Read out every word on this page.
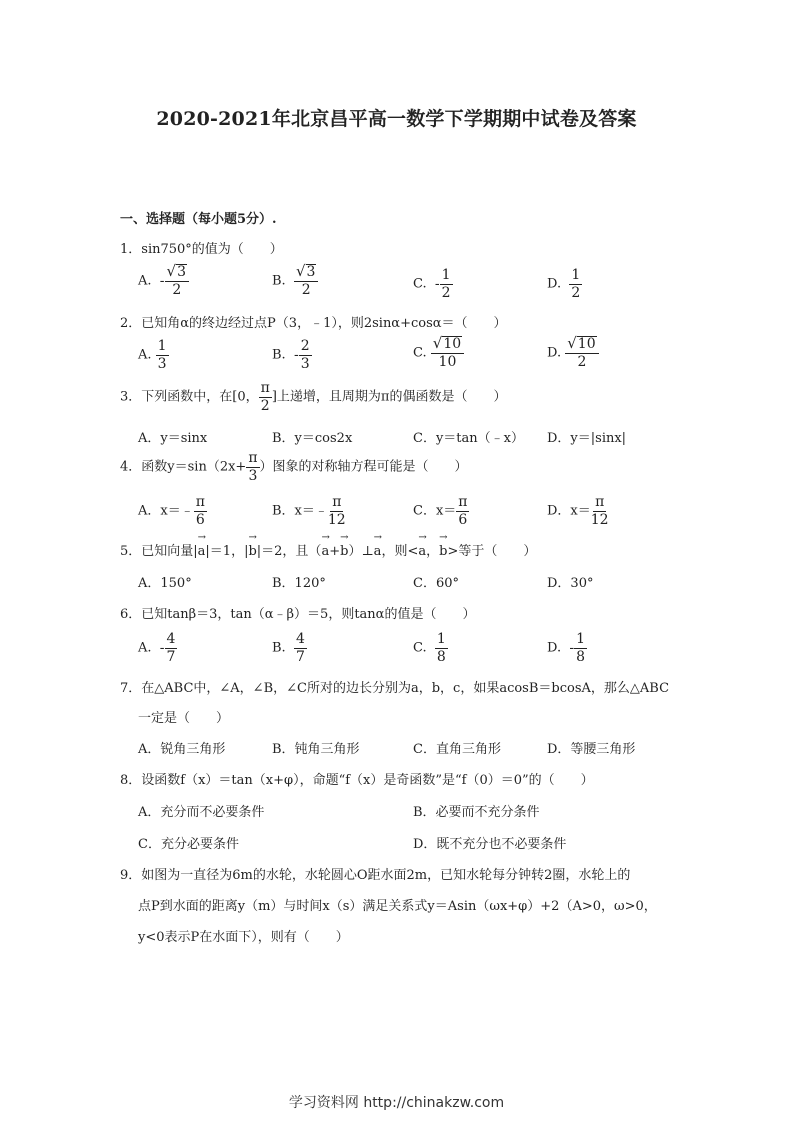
2020-2021年北京昌平高一数学下学期期中试卷及答案
一、选择题（每小题5分）.
1．sin750°的值为（　　）
A. - $\frac{√ 3}{2}$	B. $\frac{√ 3}{2}$	C. - $\frac{1}{2}$	D. $\frac{1}{2}$
2．已知角α的终边经过点P（3，﹣1），则2sinα+cosα＝（　　）
A. $\frac{1}{3}$	B. - $\frac{2}{3}$	C. $\frac{√ 10}{10}$	D. $\frac{√ 10}{2}$
3．下列函数中，在[0， $\frac{\pi}{2}$ ]上递增，且周期为π的偶函数是（　　）
A．y＝sinx	B．y＝cos2x	C．y＝tan（﹣x） D．y＝|sinx|
4．函数$y=\sin(2x+ \frac{\pi}{3}$ ）图象的对称轴方程可能是（　　）
A．x＝﹣ $\frac{\pi}{6}$	B．x＝﹣ $\frac{\pi}{12}$	C．$x= \frac{\pi}{6}$	D．$x= \frac{\pi}{12}$
5．已知向量|→ a|＝1，|→ b|＝2，且（→ a+→ b）⊥→ a，则<→ a，→ b>等于（　　）
A．150°	B．120°	C．60°	D．30°
6．已知tanβ＝3，tan（α﹣β）＝5，则tanα的值是（　　）
A. - $\frac{4}{7}$	B. $\frac{4}{7}$	C. $\frac{1}{8}$	D. - $\frac{1}{8}$
7．在△ABC中，∠A，∠B，∠C所对的边长分别为a，b，c，如果acosB＝bcosA，那么△ABC
一定是（　　）
A．锐角三角形	B．钝角三角形	C．直角三角形	D．等腰三角形
8．设函数f（x）＝tan（x+φ），命题“f（x）是奇函数”是“f（0）＝0”的（　　）
A．充分而不必要条件	B．必要而不充分条件
C．充分必要条件	D．既不充分也不必要条件
9．如图为一直径为6m的水轮，水轮圆心O距水面2m，已知水轮每分钟转2圈，水轮上的
点P到水面的距离y（m）与时间x（s）满足关系式y＝Asin（ωx+φ）+2（A>0，ω>0，
y<0表示P在水面下），则有（　　）
学习资料网 http://chinakzw.com
